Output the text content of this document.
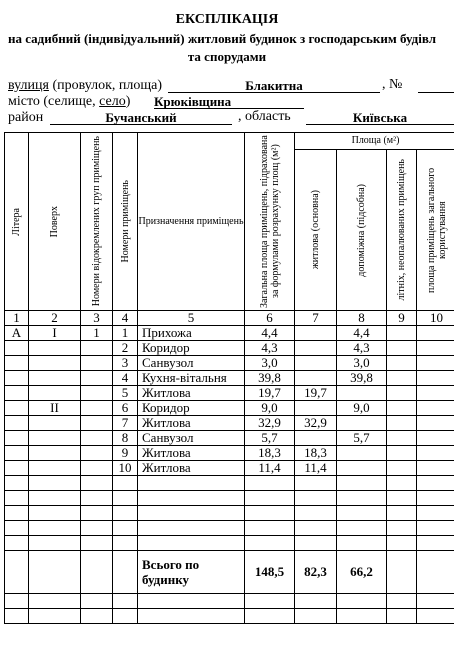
ЕКСПЛІКАЦІЯ
на садибний (індивідуальний) житловий будинок з господарським будівл
та спорудами
вулиця (провулок, площа)	Блакитна	, №
місто (селище, село) Крюківщина
район	Бучанський	, область	Київська
Літера	Поверх	Номери відокремлених груп приміщень	Номери приміщень	Призначення приміщень	Загальна площа приміщень, підрахована за формулами розрахунку площ (м²)	Площа (м²)			

						житлова (основна)	допоміжна (підсобна)	літніх, неопалюваних приміщень	площа приміщень загального користування

1	2	3	4	5	6	7	8	9	10
А	I	1	1	Прихожа	4,4		4,4		
			2	Коридор	4,3		4,3		
			3	Санвузол	3,0		3,0		
			4	Кухня-вітальня	39,8		39,8		
			5	Житлова	19,7	19,7			
	II		6	Коридор	9,0		9,0		
			7	Житлова	32,9	32,9			
			8	Санвузол	5,7		5,7		
			9	Житлова	18,3	18,3			
			10	Житлова	11,4	11,4			

				Всього по
будинку	148,5	82,3	66,2		
